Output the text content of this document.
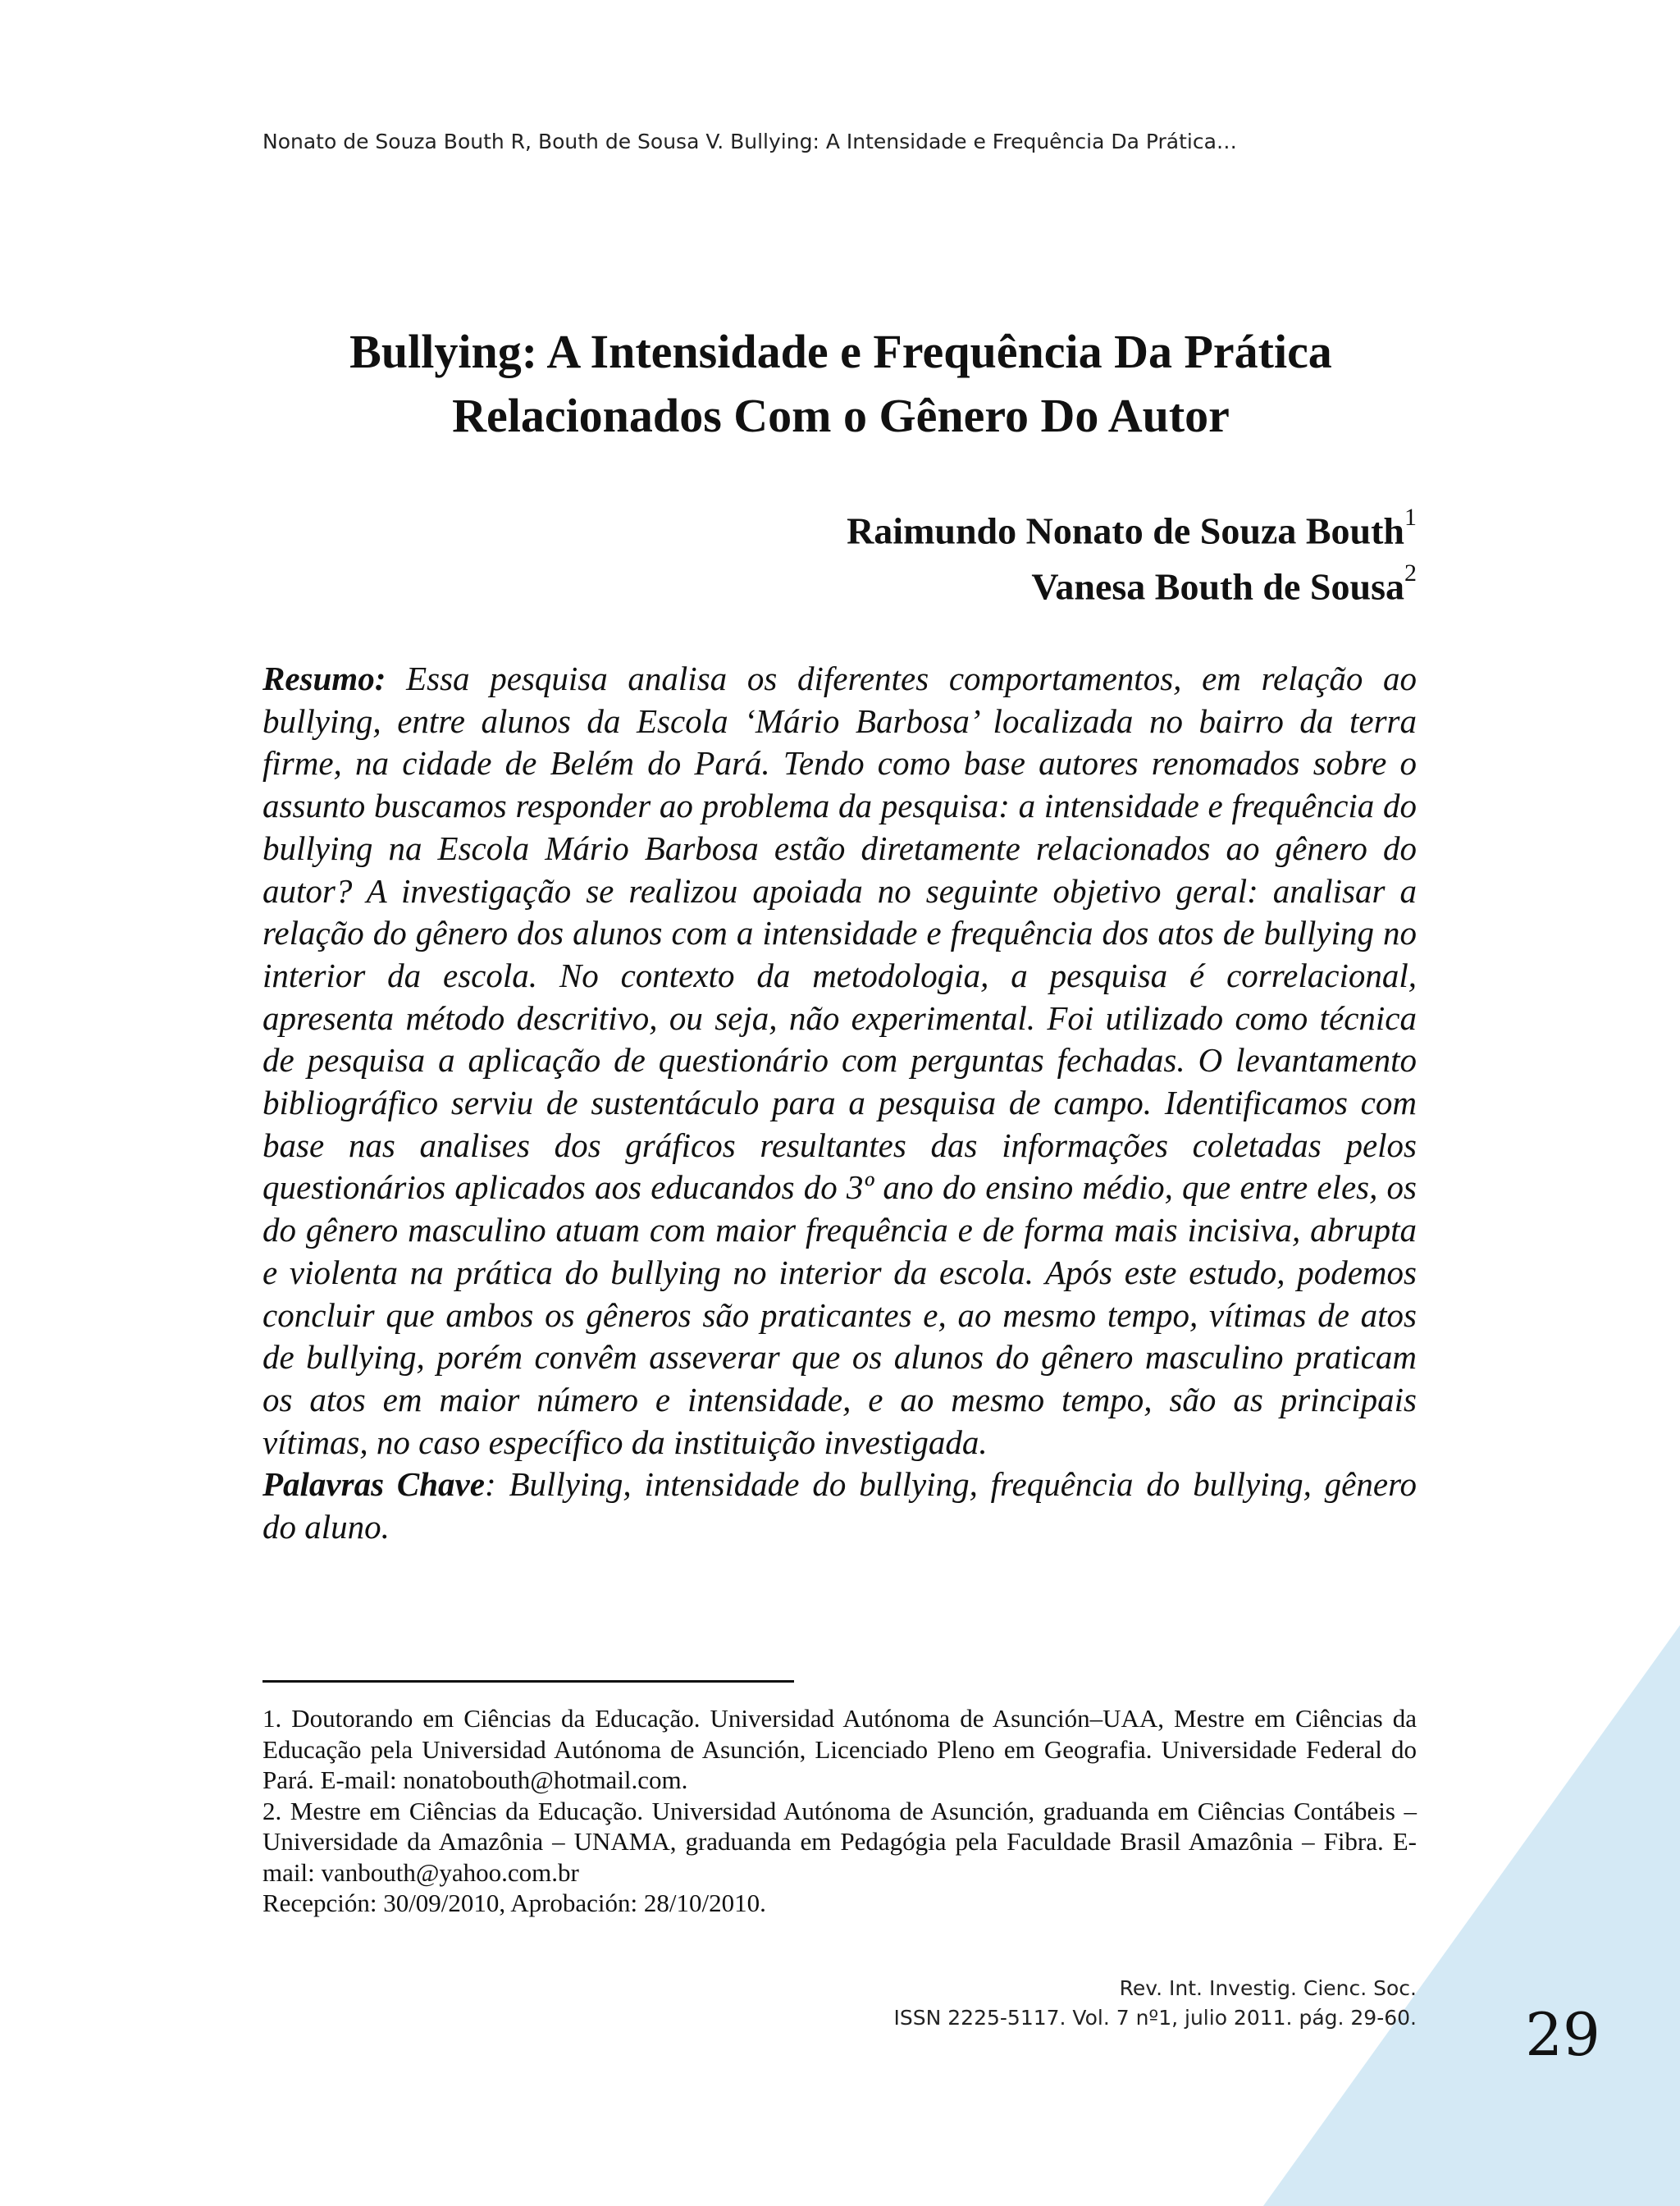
Nonato de Souza Bouth R, Bouth de Sousa V. Bullying: A Intensidade e Frequência Da Prática…
Bullying: A Intensidade e Frequência Da Prática
Relacionados Com o Gênero Do Autor
Raimundo Nonato de Souza Bouth$^1$
Vanesa Bouth de Sousa$^2$

Resumo: Essa pesquisa analisa os diferentes comportamentos, em relação ao bullying, entre alunos da Escola ‘Mário Barbosa’ localizada no bairro da terra firme, na cidade de Belém do Pará. Tendo como base autores renomados sobre o assunto buscamos responder ao problema da pesquisa: a intensidade e frequência do bullying na Escola Mário Barbosa estão diretamente relacionados ao gênero do autor? A investigação se realizou apoiada no seguinte objetivo geral: analisar a relação do gênero dos alunos com a intensidade e frequência dos atos de bullying no interior da escola. No contexto da metodologia, a pesquisa é correlacional, apresenta método descritivo, ou seja, não experimental. Foi utilizado como técnica de pesquisa a aplicação de questionário com perguntas fechadas. O levantamento bibliográfico serviu de sustentáculo para a pesquisa de campo. Identificamos com base nas analises dos gráficos resultantes das informações coletadas pelos questionários aplicados aos educandos do 3º ano do ensino médio, que entre eles, os do gênero masculino atuam com maior frequência e de forma mais incisiva, abrupta e violenta na prática do bullying no interior da escola. Após este estudo, podemos concluir que ambos os gêneros são praticantes e, ao mesmo tempo, vítimas de atos de bullying, porém convêm asseverar que os alunos do gênero masculino praticam os atos em maior número e intensidade, e ao mesmo tempo, são as principais vítimas, no caso específico da instituição investigada.

Palavras Chave: Bullying, intensidade do bullying, frequência do bullying, gênero do aluno.

1. Doutorando em Ciências da Educação. Universidad Autónoma de Asunción–UAA, Mestre em Ciências da Educação pela Universidad Autónoma de Asunción, Licenciado Pleno em Geografia. Universidade Federal do Pará. E-mail: nonatobouth@hotmail.com.

2. Mestre em Ciências da Educação. Universidad Autónoma de Asunción, graduanda em Ciências Contábeis – Universidade da Amazônia – UNAMA, graduanda em Pedagógia pela Faculdade Brasil Amazônia – Fibra. E-mail: vanbouth@yahoo.com.br

Recepción: 30/09/2010, Aprobación: 28/10/2010.

Rev. Int. Investig. Cienc. Soc.
ISSN 2225-5117. Vol. 7 nº1, julio 2011. pág. 29-60. 29
